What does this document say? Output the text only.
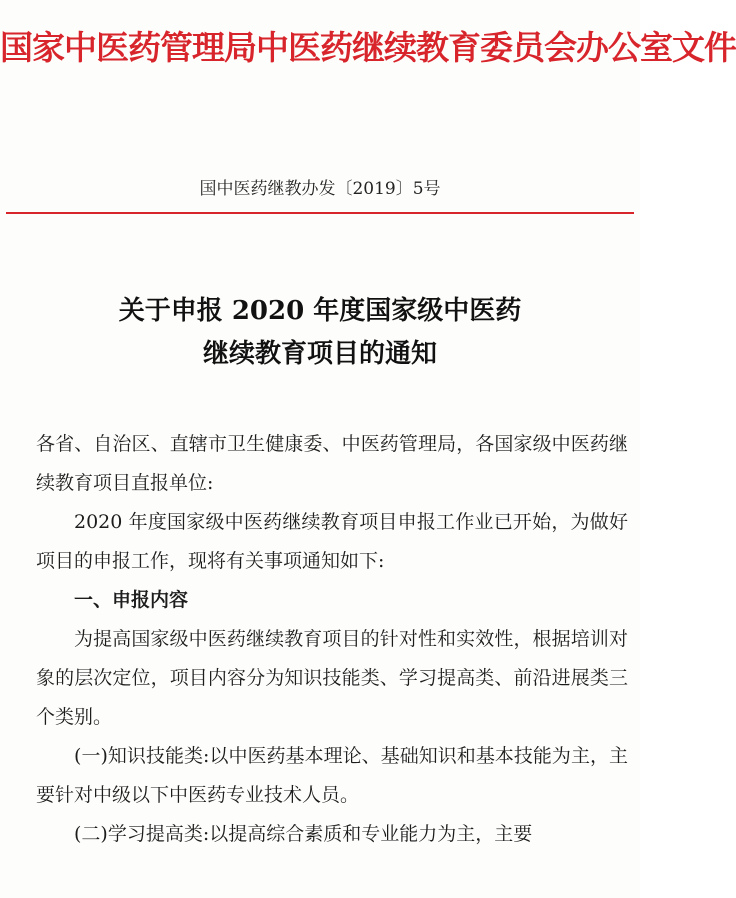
国家中医药管理局中医药继续教育委员会办公室文件
国中医药继教办发〔2019〕5号
关于申报 2020 年度国家级中医药
继续教育项目的通知

各省、自治区、直辖市卫生健康委、中医药管理局，各国家级中医药继续教育项目直报单位:

2020 年度国家级中医药继续教育项目申报工作业已开始，为做好项目的申报工作，现将有关事项通知如下:

一、申报内容

为提高国家级中医药继续教育项目的针对性和实效性，根据培训对象的层次定位，项目内容分为知识技能类、学习提高类、前沿进展类三个类别。

(一)知识技能类:以中医药基本理论、基础知识和基本技能为主，主要针对中级以下中医药专业技术人员。

(二)学习提高类:以提高综合素质和专业能力为主，主要
